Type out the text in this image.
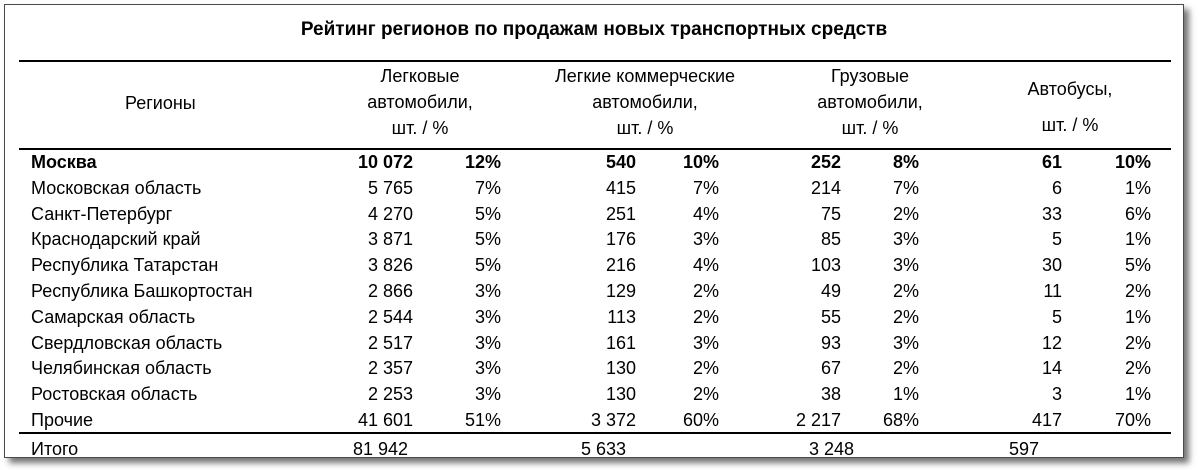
Рейтинг регионов по продажам новых транспортных средств
Регионы
Легковые
автомобили,
шт. / %
Легкие коммерческие
автомобили,
шт. / %
Грузовые
автомобили,
шт. / %
Автобусы,
шт. / %
Москва	10 072	12%	540	10%	252	8%	61	10%
Московская область	5 765	7%	415	7%	214	7%	6	1%
Санкт-Петербург	4 270	5%	251	4%	75	2%	33	6%
Краснодарский край	3 871	5%	176	3%	85	3%	5	1%
Республика Татарстан	3 826	5%	216	4%	103	3%	30	5%
Республика Башкортостан	2 866	3%	129	2%	49	2%	11	2%
Самарская область	2 544	3%	113	2%	55	2%	5	1%
Свердловская область	2 517	3%	161	3%	93	3%	12	2%
Челябинская область	2 357	3%	130	2%	67	2%	14	2%
Ростовская область	2 253	3%	130	2%	38	1%	3	1%
Прочие	41 601	51%	3 372	60%	2 217	68%	417	70%
Итого	81 942	5 633	3 248	597
